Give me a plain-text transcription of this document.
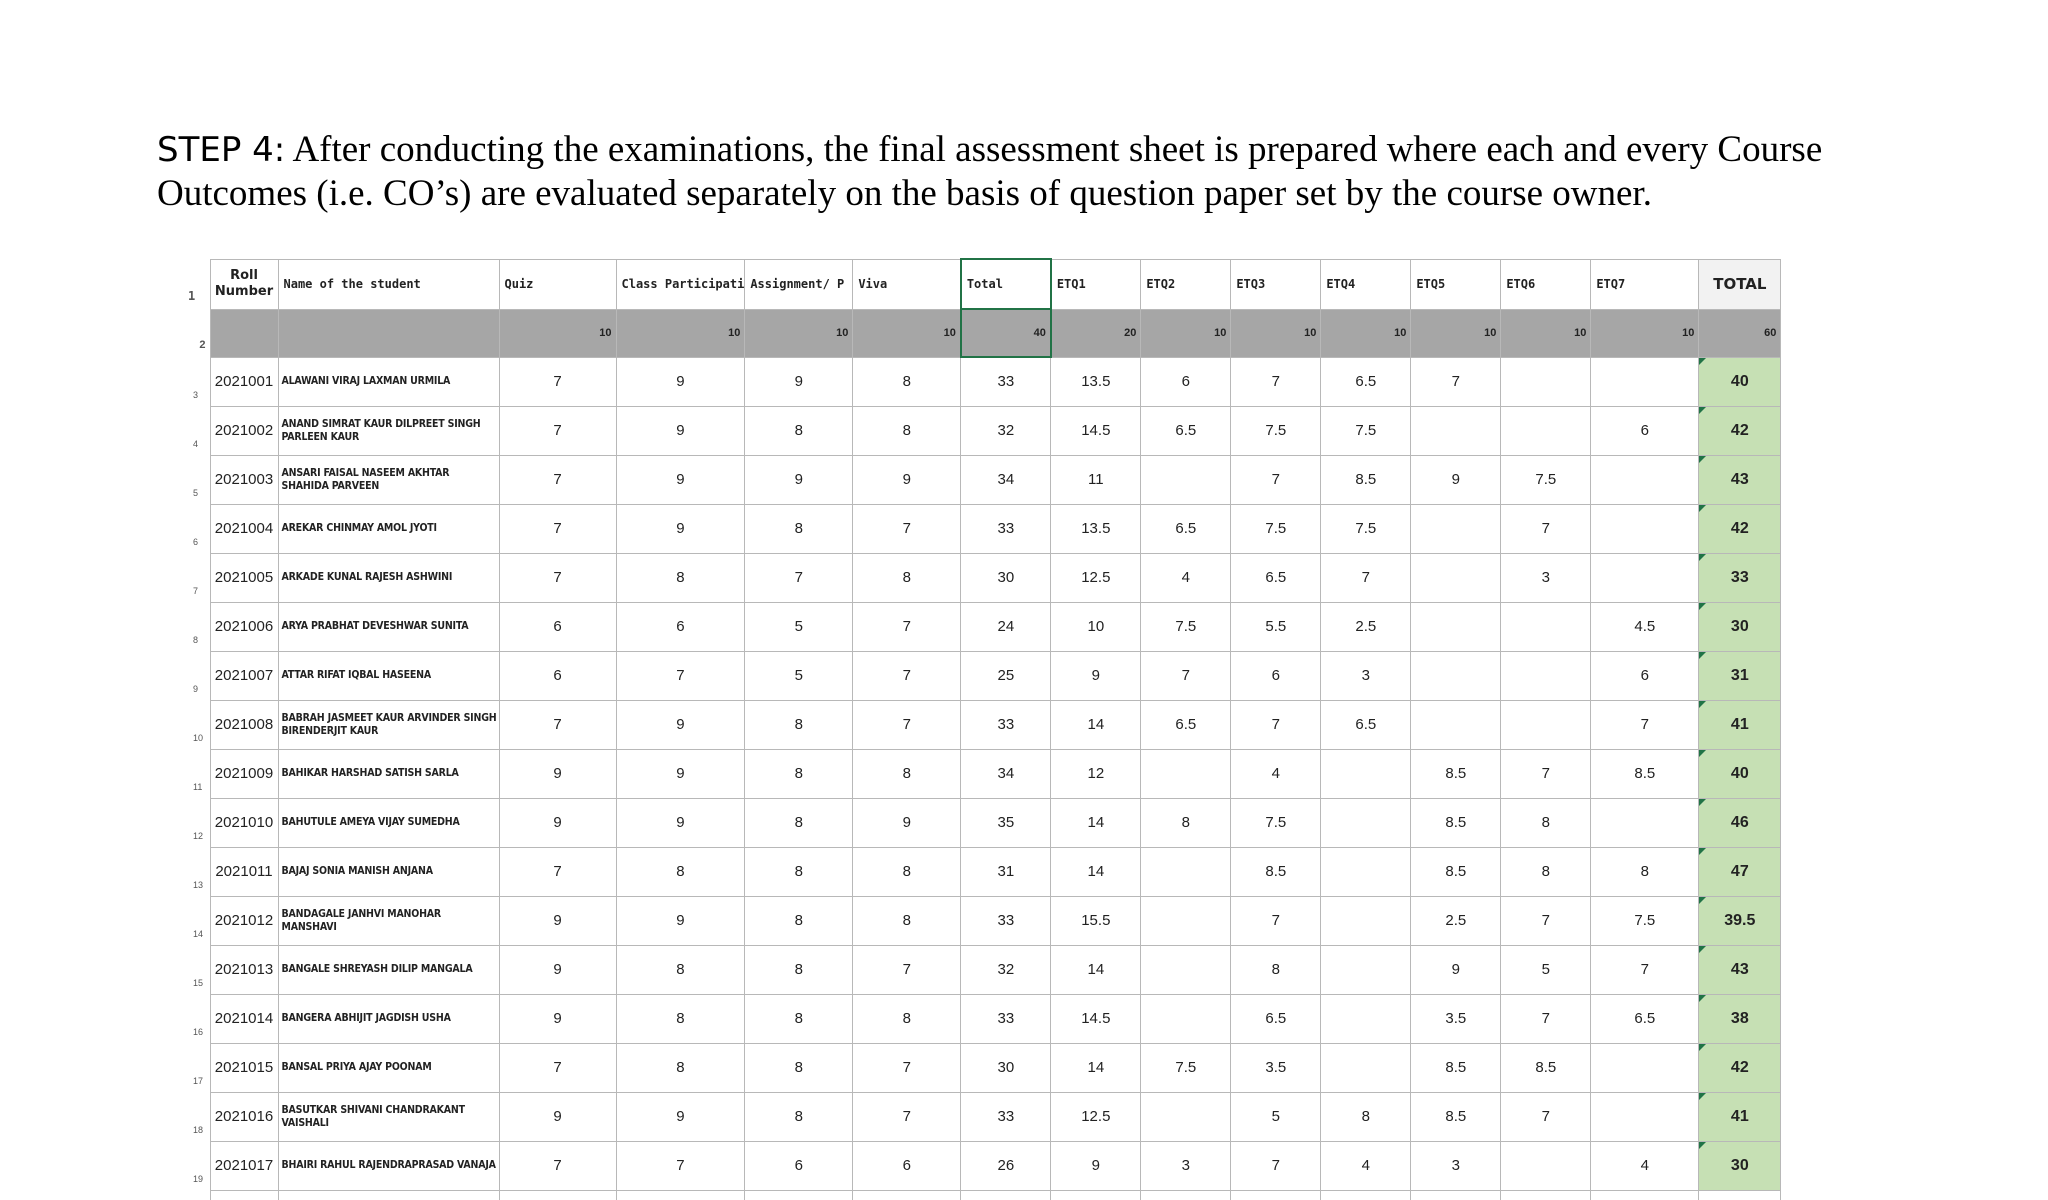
STEP 4: After conducting the examinations, the final assessment sheet is prepared where each and every Course Outcomes (i.e. CO’s) are evaluated separately on the basis of question paper set by the course owner.
1	Roll Number	Name of the student	Quiz	Class Participati	Assignment/ P	Viva	Total	ETQ1	ETQ2	ETQ3	ETQ4	ETQ5	ETQ6	ETQ7	TOTAL
2			10	10	10	10	40	20	10	10	10	10	10	10	60
3	2021001	ALAWANI VIRAJ LAXMAN URMILA	7	9	9	8	33	13.5	6	7	6.5	7			40
4	2021002	ANAND SIMRAT KAUR DILPREET SINGH PARLEEN KAUR	7	9	8	8	32	14.5	6.5	7.5	7.5			6	42
5	2021003	ANSARI FAISAL NASEEM AKHTAR SHAHIDA PARVEEN	7	9	9	9	34	11		7	8.5	9	7.5		43
6	2021004	AREKAR CHINMAY AMOL JYOTI	7	9	8	7	33	13.5	6.5	7.5	7.5		7		42
7	2021005	ARKADE KUNAL RAJESH ASHWINI	7	8	7	8	30	12.5	4	6.5	7		3		33
8	2021006	ARYA PRABHAT DEVESHWAR SUNITA	6	6	5	7	24	10	7.5	5.5	2.5			4.5	30
9	2021007	ATTAR RIFAT IQBAL HASEENA	6	7	5	7	25	9	7	6	3			6	31
10	2021008	BABRAH JASMEET KAUR ARVINDER SINGH BIRENDERJIT KAUR	7	9	8	7	33	14	6.5	7	6.5			7	41
11	2021009	BAHIKAR HARSHAD SATISH SARLA	9	9	8	8	34	12		4		8.5	7	8.5	40
12	2021010	BAHUTULE AMEYA VIJAY SUMEDHA	9	9	8	9	35	14	8	7.5		8.5	8		46
13	2021011	BAJAJ SONIA MANISH ANJANA	7	8	8	8	31	14		8.5		8.5	8	8	47
14	2021012	BANDAGALE JANHVI MANOHAR MANSHAVI	9	9	8	8	33	15.5		7		2.5	7	7.5	39.5
15	2021013	BANGALE SHREYASH DILIP MANGALA	9	8	8	7	32	14		8		9	5	7	43
16	2021014	BANGERA ABHIJIT JAGDISH USHA	9	8	8	8	33	14.5		6.5		3.5	7	6.5	38
17	2021015	BANSAL PRIYA AJAY POONAM	7	8	8	7	30	14	7.5	3.5		8.5	8.5		42
18	2021016	BASUTKAR SHIVANI CHANDRAKANT VAISHALI	9	9	8	7	33	12.5		5	8	8.5	7		41
19	2021017	BHAIRI RAHUL RAJENDRAPRASAD VANAJA	7	7	6	6	26	9	3	7	4	3		4	30
